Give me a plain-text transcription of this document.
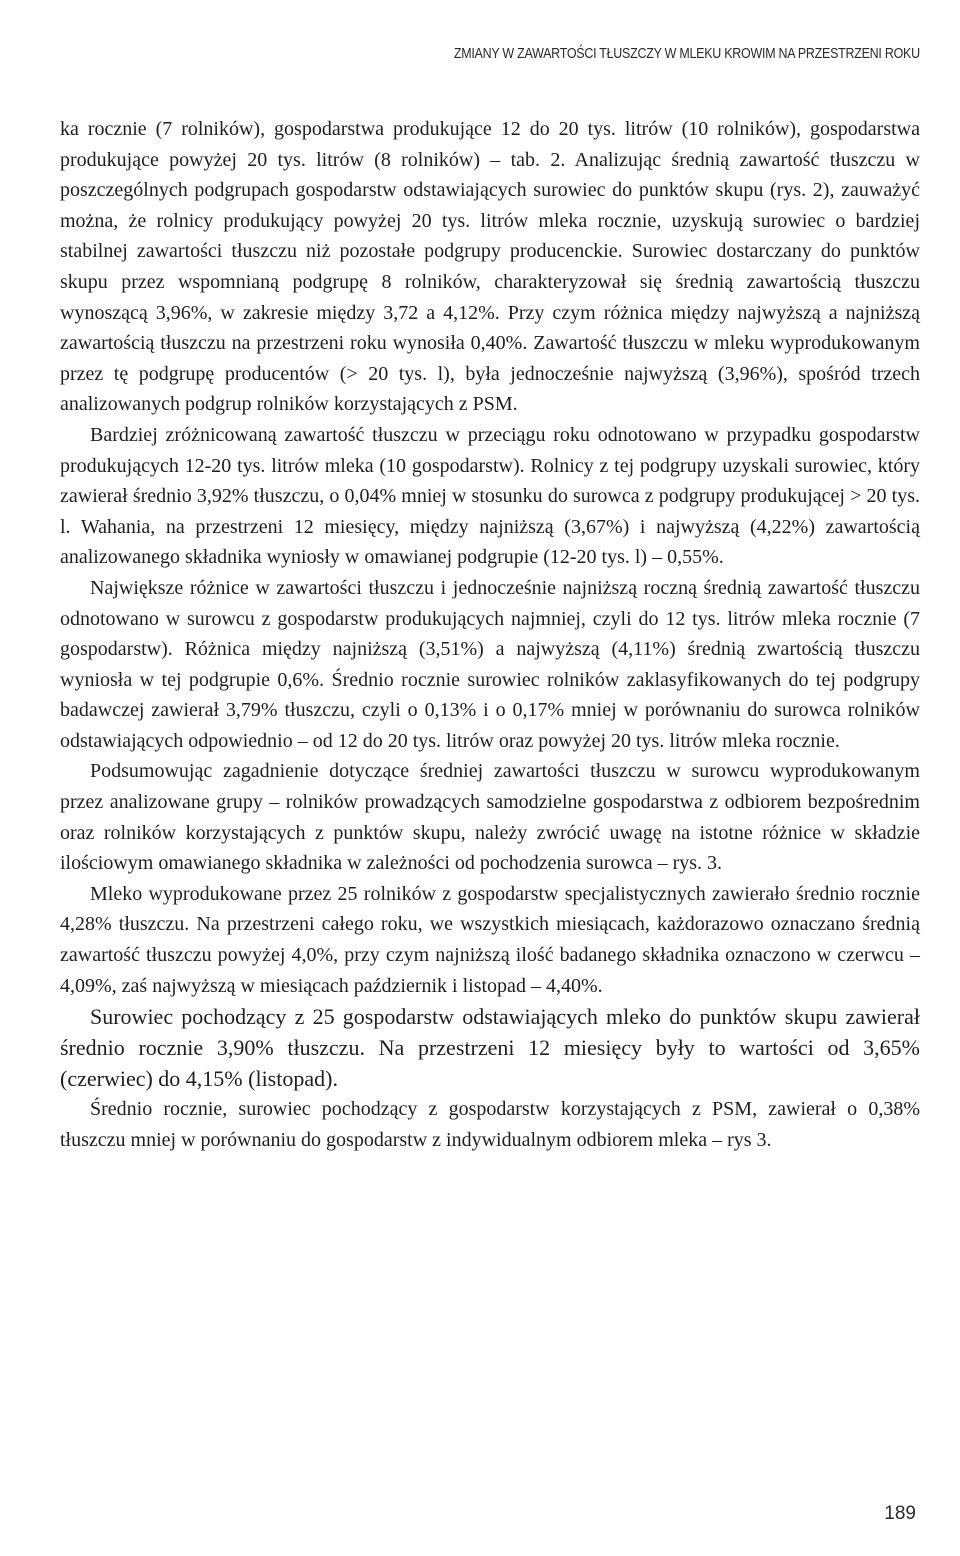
ZMIANY W ZAWARTOŚCI TŁUSZCZY W MLEKU KROWIM NA PRZESTRZENI ROKU

ka rocznie (7 rolników), gospodarstwa produkujące 12 do 20 tys. litrów (10 rolników), gospodarstwa produkujące powyżej 20 tys. litrów (8 rolników) – tab. 2. Analizując średnią zawartość tłuszczu w poszczególnych podgrupach gospodarstw odstawiających surowiec do punktów skupu (rys. 2), zauważyć można, że rolnicy produkujący powyżej 20 tys. litrów mleka rocznie, uzyskują surowiec o bardziej stabilnej zawartości tłuszczu niż pozostałe podgrupy producenckie. Surowiec dostarczany do punktów skupu przez wspomnianą podgrupę 8 rolników, charakteryzował się średnią zawartością tłuszczu wynoszącą 3,96%, w zakresie między 3,72 a 4,12%. Przy czym różnica między najwyższą a najniższą zawartością tłuszczu na przestrzeni roku wynosiła 0,40%. Zawartość tłuszczu w mleku wyprodukowanym przez tę podgrupę producentów (> 20 tys. l), była jednocześnie najwyższą (3,96%), spośród trzech analizowanych podgrup rolników korzystających z PSM.

Bardziej zróżnicowaną zawartość tłuszczu w przeciągu roku odnotowano w przypadku gospodarstw produkujących 12-20 tys. litrów mleka (10 gospodarstw). Rolnicy z tej podgrupy uzyskali surowiec, który zawierał średnio 3,92% tłuszczu, o 0,04% mniej w stosunku do surowca z podgrupy produkującej > 20 tys. l. Wahania, na przestrzeni 12 miesięcy, między najniższą (3,67%) i najwyższą (4,22%) zawartością analizowanego składnika wyniosły w omawianej podgrupie (12-20 tys. l) – 0,55%.

Największe różnice w zawartości tłuszczu i jednocześnie najniższą roczną średnią zawartość tłuszczu odnotowano w surowcu z gospodarstw produkujących najmniej, czyli do 12 tys. litrów mleka rocznie (7 gospodarstw). Różnica między najniższą (3,51%) a najwyższą (4,11%) średnią zwartością tłuszczu wyniosła w tej podgrupie 0,6%. Średnio rocznie surowiec rolników zaklasyfikowanych do tej podgrupy badawczej zawierał 3,79% tłuszczu, czyli o 0,13% i o 0,17% mniej w porównaniu do surowca rolników odstawiających odpowiednio – od 12 do 20 tys. litrów oraz powyżej 20 tys. litrów mleka rocznie.

Podsumowując zagadnienie dotyczące średniej zawartości tłuszczu w surowcu wyprodukowanym przez analizowane grupy – rolników prowadzących samodzielne gospodarstwa z odbiorem bezpośrednim oraz rolników korzystających z punktów skupu, należy zwrócić uwagę na istotne różnice w składzie ilościowym omawianego składnika w zależności od pochodzenia surowca – rys. 3.

Mleko wyprodukowane przez 25 rolników z gospodarstw specjalistycznych zawierało średnio rocznie 4,28% tłuszczu. Na przestrzeni całego roku, we wszystkich miesiącach, każdorazowo oznaczano średnią zawartość tłuszczu powyżej 4,0%, przy czym najniższą ilość badanego składnika oznaczono w czerwcu – 4,09%, zaś najwyższą w miesiącach październik i listopad – 4,40%.

Surowiec pochodzący z 25 gospodarstw odstawiających mleko do punktów skupu zawierał średnio rocznie 3,90% tłuszczu. Na przestrzeni 12 miesięcy były to wartości od 3,65% (czerwiec) do 4,15% (listopad).

Średnio rocznie, surowiec pochodzący z gospodarstw korzystających z PSM, zawierał o 0,38% tłuszczu mniej w porównaniu do gospodarstw z indywidualnym odbiorem mleka – rys 3.

189
